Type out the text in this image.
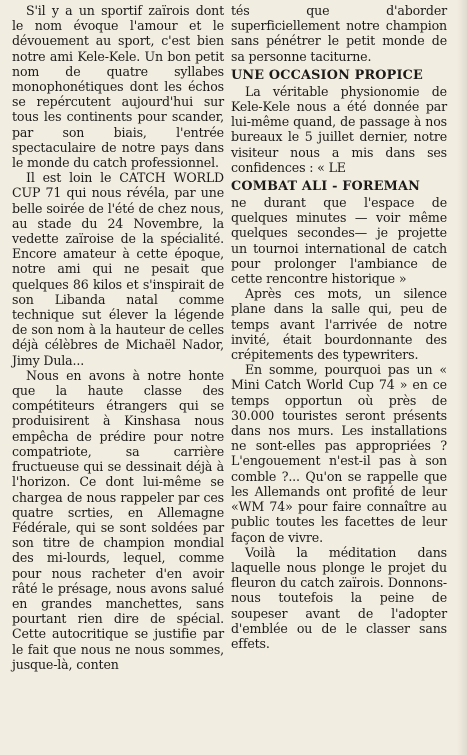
S'il y a un sportif zaïrois dont le nom évoque l'amour et le dévouement au sport, c'est bien notre ami Kele-Kele. Un bon petit nom de quatre syllabes monophonétiques dont les échos se repércutent aujourd'hui sur tous les continents pour scander, par son biais, l'entrée spectaculaire de notre pays dans le monde du catch professionnel.

Il est loin le CATCH WORLD CUP 71 qui nous révéla, par une belle soirée de l'été de chez nous, au stade du 24 Novembre, la vedette zaïroise de la spécialité. Encore amateur à cette époque, notre ami qui ne pesait que quelques 86 kilos et s'inspirait de son Libanda natal comme technique sut élever la légende de son nom à la hauteur de celles déjà célèbres de Michaël Nador, Jimy Dula...

Nous en avons à notre honte que la haute classe des compétiteurs étrangers qui se produisirent à Kinshasa nous empêcha de prédire pour notre compatriote, sa carrière fructueuse qui se dessinait déjà à l'horizon. Ce dont lui-même se chargea de nous rappeler par ces quatre scrties, en Allemagne Fédérale, qui se sont soldées par son titre de champion mondial des mi-lourds, lequel, comme pour nous racheter d'en avoir râté le présage, nous avons salué en grandes manchettes, sans pourtant rien dire de spécial. Cette autocritique se justifie par le fait que nous ne nous sommes, jusque-là, conten

tés que d'aborder superficiellement notre champion sans pénétrer le petit monde de sa personne taciturne.

UNE OCCASION PROPICE

La véritable physionomie de Kele-Kele nous a été donnée par lui-même quand, de passage à nos bureaux le 5 juillet dernier, notre visiteur nous a mis dans ses confidences : « LE

COMBAT ALI - FOREMAN

ne durant que l'espace de quelques minutes — voir même quelques secondes— je projette un tournoi international de catch pour prolonger l'ambiance de cette rencontre historique »

Après ces mots, un silence plane dans la salle qui, peu de temps avant l'arrivée de notre invité, était bourdonnante des crépitements des typewriters.

En somme, pourquoi pas un « Mini Catch World Cup 74 » en ce temps opportun où près de 30.000 touristes seront présents dans nos murs. Les installations ne sont-elles pas appropriées ? L'engouement n'est-il pas à son comble ?... Qu'on se rappelle que les Allemands ont profité de leur «WM 74» pour faire connaître au public toutes les facettes de leur façon de vivre.

Voilà la méditation dans laquelle nous plonge le projet du fleuron du catch zaïrois. Donnons-nous toutefois la peine de soupeser avant de l'adopter d'emblée ou de le classer sans effets.
